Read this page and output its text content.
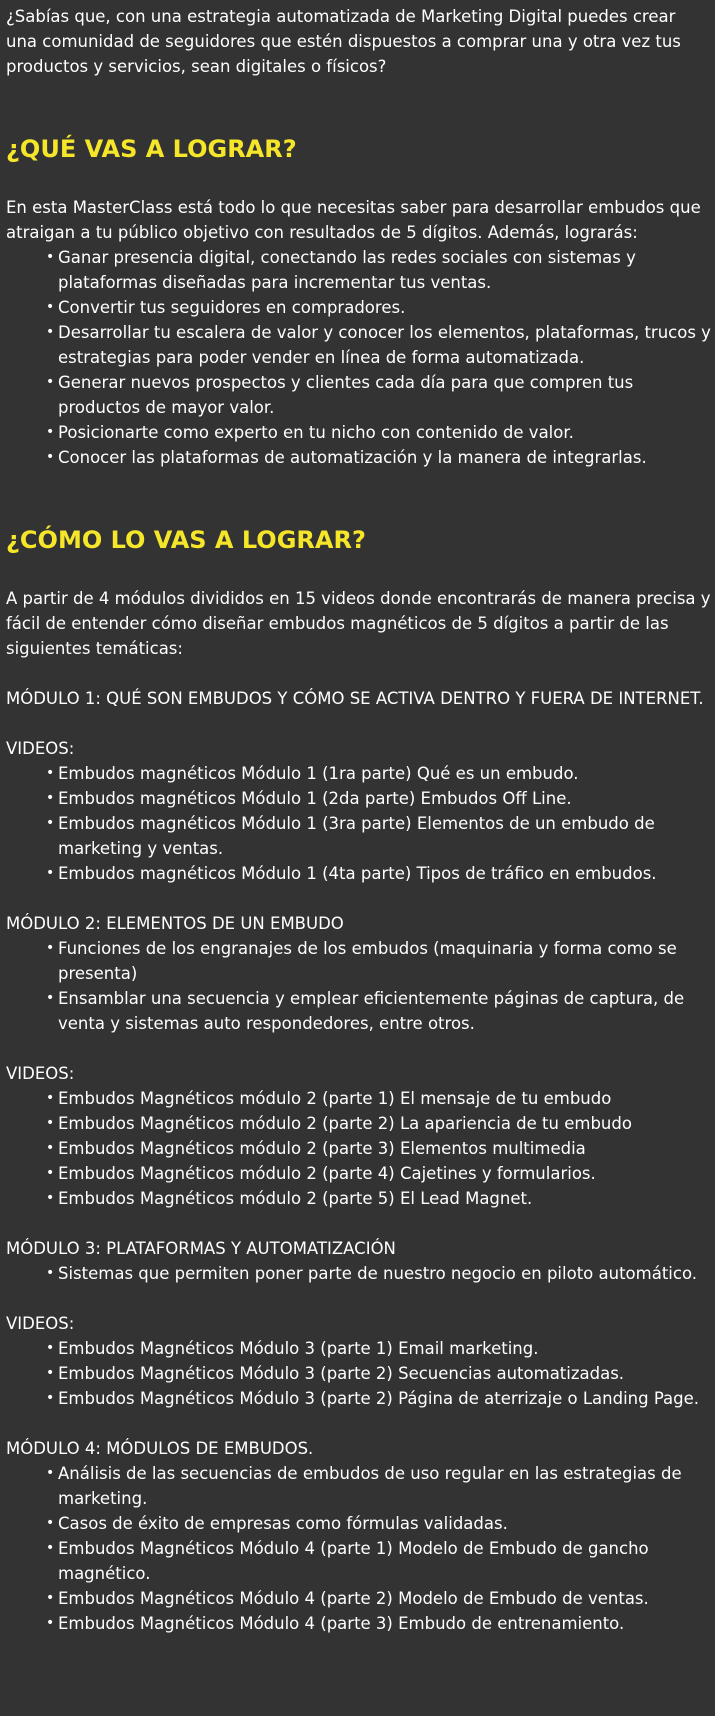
¿Sabías que, con una estrategia automatizada de Marketing Digital puedes crear una comunidad de seguidores que estén dispuestos a comprar una y otra vez tus productos y servicios, sean digitales o físicos?

¿QUÉ VAS A LOGRAR?

En esta MasterClass está todo lo que necesitas saber para desarrollar embudos que atraigan a tu público objetivo con resultados de 5 dígitos. Además, lograrás:

• Ganar presencia digital, conectando las redes sociales con sistemas y plataformas diseñadas para incrementar tus ventas.
• Convertir tus seguidores en compradores.
• Desarrollar tu escalera de valor y conocer los elementos, plataformas, trucos y estrategias para poder vender en línea de forma automatizada.
• Generar nuevos prospectos y clientes cada día para que compren tus productos de mayor valor.
• Posicionarte como experto en tu nicho con contenido de valor.
• Conocer las plataformas de automatización y la manera de integrarlas.
¿CÓMO LO VAS A LOGRAR?

A partir de 4 módulos divididos en 15 videos donde encontrarás de manera precisa y fácil de entender cómo diseñar embudos magnéticos de 5 dígitos a partir de las siguientes temáticas:

MÓDULO 1: QUÉ SON EMBUDOS Y CÓMO SE ACTIVA DENTRO Y FUERA DE INTERNET.

VIDEOS:

• Embudos magnéticos Módulo 1 (1ra parte) Qué es un embudo.
• Embudos magnéticos Módulo 1 (2da parte) Embudos Off Line.
• Embudos magnéticos Módulo 1 (3ra parte) Elementos de un embudo de marketing y ventas.
• Embudos magnéticos Módulo 1 (4ta parte) Tipos de tráfico en embudos.

MÓDULO 2: ELEMENTOS DE UN EMBUDO

• Funciones de los engranajes de los embudos (maquinaria y forma como se presenta)
• Ensamblar una secuencia y emplear eficientemente páginas de captura, de venta y sistemas auto respondedores, entre otros.

VIDEOS:

• Embudos Magnéticos módulo 2 (parte 1) El mensaje de tu embudo
• Embudos Magnéticos módulo 2 (parte 2) La apariencia de tu embudo
• Embudos Magnéticos módulo 2 (parte 3) Elementos multimedia
• Embudos Magnéticos módulo 2 (parte 4) Cajetines y formularios.
• Embudos Magnéticos módulo 2 (parte 5) El Lead Magnet.

MÓDULO 3: PLATAFORMAS Y AUTOMATIZACIÓN

• Sistemas que permiten poner parte de nuestro negocio en piloto automático.

VIDEOS:

• Embudos Magnéticos Módulo 3 (parte 1) Email marketing.
• Embudos Magnéticos Módulo 3 (parte 2) Secuencias automatizadas.
• Embudos Magnéticos Módulo 3 (parte 2) Página de aterrizaje o Landing Page.

MÓDULO 4: MÓDULOS DE EMBUDOS.

• Análisis de las secuencias de embudos de uso regular en las estrategias de marketing.
• Casos de éxito de empresas como fórmulas validadas.
• Embudos Magnéticos Módulo 4 (parte 1) Modelo de Embudo de gancho magnético.
• Embudos Magnéticos Módulo 4 (parte 2) Modelo de Embudo de ventas.
• Embudos Magnéticos Módulo 4 (parte 3) Embudo de entrenamiento.
